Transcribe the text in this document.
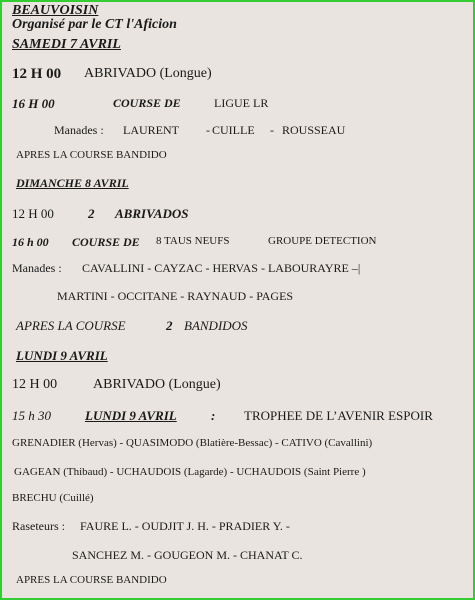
BEAUVOISIN
Organisé par le CT l'Aficion
SAMEDI 7 AVRIL
12 H 00 ABRIVADO (Longue)
16 H 00	COURSE DE	LIGUE LR
Manades : LAURENT - CUILLE - ROUSSEAU
APRES LA COURSE BANDIDO
DIMANCHE 8 AVRIL
12 H 00	2 ABRIVADOS
16 h 00 COURSE DE 8 TAUS NEUFS	GROUPE DETECTION
Manades : CAVALLINI - CAYZAC - HERVAS - LABOURAYRE –|
MARTINI - OCCITANE - RAYNAUD - PAGES
APRES LA COURSE	2 BANDIDOS
LUNDI 9 AVRIL
12 H 00	ABRIVADO (Longue)
15 h 30	LUNDI 9 AVRIL	: TROPHEE DE L’AVENIR ESPOIR
GRENADIER (Hervas) - QUASIMODO (Blatière-Bessac) - CATIVO (Cavallini)
GAGEAN (Thibaud) - UCHAUDOIS (Lagarde) - UCHAUDOIS (Saint Pierre )
BRECHU (Cuillé)
Raseteurs : FAURE L. - OUDJIT J. H. - PRADIER Y. -
SANCHEZ M. - GOUGEON M. - CHANAT C.
APRES LA COURSE BANDIDO
